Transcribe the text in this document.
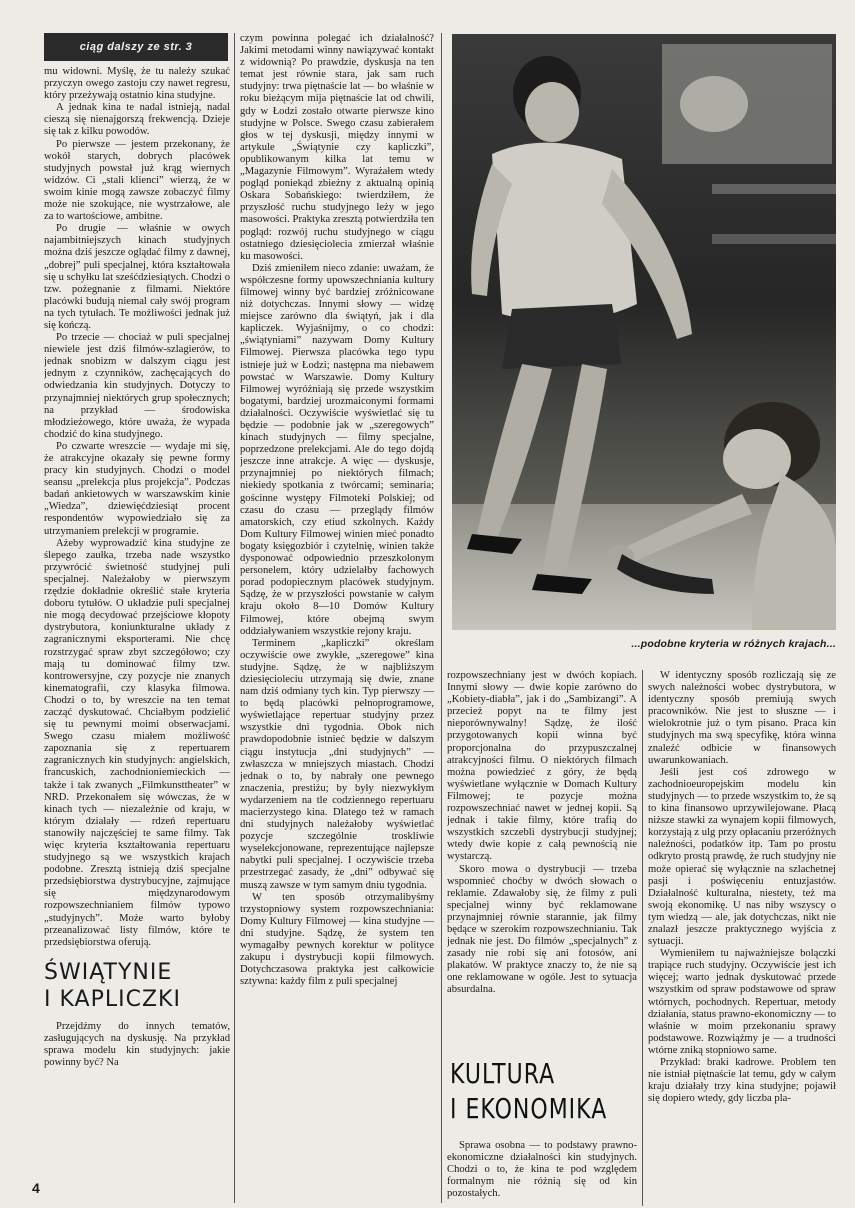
ciąg dalszy ze str. 3

mu widowni. Myślę, że tu należy szukać przyczyn owego zastoju czy nawet regresu, który przeżywają ostatnio kina studyjne.

A jednak kina te nadal istnieją, nadal cieszą się nienajgorszą frekwencją. Dzieje się tak z kilku powodów.

Po pierwsze — jestem przekonany, że wokół starych, dobrych placówek studyjnych powstał już krąg wiernych widzów. Ci „stali klienci” wierzą, że w swoim kinie mogą zawsze zobaczyć filmy może nie szokujące, nie wystrzałowe, ale za to wartościowe, ambitne.

Po drugie — właśnie w owych najambitniejszych kinach studyjnych można dziś jeszcze oglądać filmy z dawnej, „dobrej” puli specjalnej, która kształtowała się u schyłku lat sześćdziesiątych. Chodzi o tzw. pożegnanie z filmami. Niektóre placówki budują niemal cały swój program na tych tytułach. Te możliwości jednak już się kończą.

Po trzecie — chociaż w puli specjalnej niewiele jest dziś filmów-szlagierów, to jednak snobizm w dalszym ciągu jest jednym z czynników, zachęcających do odwiedzania kin studyjnych. Dotyczy to przynajmniej niektórych grup społecznych; na przykład — środowiska młodzieżowego, które uważa, że wypada chodzić do kina studyjnego.

Po czwarte wreszcie — wydaje mi się, że atrakcyjne okazały się pewne formy pracy kin studyjnych. Chodzi o model seansu „prelekcja plus projekcja”. Podczas badań ankietowych w warszawskim kinie „Wiedza”, dziewięćdziesiąt procent respondentów wypowiedziało się za utrzymaniem prelekcji w programie.

Ażeby wyprowadzić kina studyjne ze ślepego zaułka, trzeba nade wszystko przywrócić świetność studyjnej puli specjalnej. Należałoby w pierwszym rzędzie dokładnie określić stałe kryteria doboru tytułów. O układzie puli specjalnej nie mogą decydować przejściowe kłopoty dystrybutora, koniunkturalne układy z zagranicznymi eksporterami. Nie chcę rozstrzygać spraw zbyt szczegółowo; czy mają tu dominować filmy tzw. kontrowersyjne, czy pozycje nie znanych kinematografii, czy klasyka filmowa. Chodzi o to, by wreszcie na ten temat zacząć dyskutować. Chciałbym podzielić się tu pewnymi moimi obserwacjami. Swego czasu miałem możliwość zapoznania się z repertuarem zagranicznych kin studyjnych: angielskich, francuskich, zachodnioniemieckich — także i tak zwanych „Filmkunsttheater” w NRD. Przekonałem się wówczas, że w kinach tych — niezależnie od kraju, w którym działały — rdzeń repertuaru stanowiły najczęściej te same filmy. Tak więc kryteria kształtowania repertuaru studyjnego są we wszystkich krajach podobne. Zresztą istnieją dziś specjalne przedsiębiorstwa dystrybucyjne, zajmujące się międzynarodowym rozpowszechnianiem filmów typowo „studyjnych”. Może warto byłoby przeanalizować listy filmów, które te przedsiębiorstwa oferują.

ŚWIĄTYNIE
I KAPLICZKI

Przejdźmy do innych tematów, zasługujących na dyskusję. Na przykład sprawa modelu kin studyjnych: jakie powinny być? Na

czym powinna polegać ich działalność? Jakimi metodami winny nawiązywać kontakt z widownią? Po prawdzie, dyskusja na ten temat jest równie stara, jak sam ruch studyjny: trwa piętnaście lat — bo właśnie w roku bieżącym mija piętnaście lat od chwili, gdy w Łodzi zostało otwarte pierwsze kino studyjne w Polsce. Swego czasu zabierałem głos w tej dyskusji, między innymi w artykule „Świątynie czy kapliczki”, opublikowanym kilka lat temu w „Magazynie Filmowym”. Wyrażałem wtedy pogląd poniekąd zbieżny z aktualną opinią Oskara Sobańskiego: twierdziłem, że przyszłość ruchu studyjnego leży w jego masowości. Praktyka zresztą potwierdziła ten pogląd: rozwój ruchu studyjnego w ciągu ostatniego dziesięciolecia zmierzał właśnie ku masowości.

Dziś zmieniłem nieco zdanie: uważam, że współczesne formy upowszechniania kultury filmowej winny być bardziej zróżnicowane niż dotychczas. Innymi słowy — widzę miejsce zarówno dla świątyń, jak i dla kapliczek. Wyjaśnijmy, o co chodzi: „świątyniami” nazywam Domy Kultury Filmowej. Pierwsza placówka tego typu istnieje już w Łodzi; następna ma niebawem powstać w Warszawie. Domy Kultury Filmowej wyróżniają się przede wszystkim bogatymi, bardziej urozmaiconymi formami działalności. Oczywiście wyświetlać się tu będzie — podobnie jak w „szeregowych” kinach studyjnych — filmy specjalne, poprzedzone prelekcjami. Ale do tego dojdą jeszcze inne atrakcje. A więc — dyskusje, przynajmniej po niektórych filmach; niekiedy spotkania z twórcami; seminaria; gościnne występy Filmoteki Polskiej; od czasu do czasu — przeglądy filmów amatorskich, czy etiud szkolnych. Każdy Dom Kultury Filmowej winien mieć ponadto bogaty księgozbiór i czytelnię, winien także dysponować odpowiednio przeszkolonym personelem, który udzielałby fachowych porad podopiecznym placówek studyjnym. Sądzę, że w przyszłości powstanie w całym kraju około 8—10 Domów Kultury Filmowej, które obejmą swym oddziaływaniem wszystkie rejony kraju.

Terminem „kapliczki” określam oczywiście owe zwykłe, „szeregowe” kina studyjne. Sądzę, że w najbliższym dziesięcioleciu utrzymają się dwie, znane nam dziś odmiany tych kin. Typ pierwszy — to będą placówki pełnoprogramowe, wyświetlające repertuar studyjny przez wszystkie dni tygodnia. Obok nich prawdopodobnie istnieć będzie w dalszym ciągu instytucja „dni studyjnych” — zwłaszcza w mniejszych miastach. Chodzi jednak o to, by nabrały one pewnego znaczenia, prestiżu; by były niezwykłym wydarzeniem na tle codziennego repertuaru macierzystego kina. Dlatego też w ramach dni studyjnych należałoby wyświetlać pozycje szczególnie troskliwie wyselekcjonowane, reprezentujące najlepsze nabytki puli specjalnej. I oczywiście trzeba przestrzegać zasady, że „dni” odbywać się muszą zawsze w tym samym dniu tygodnia.

W ten sposób otrzymalibyśmy trzystopniowy system rozpowszechniania: Domy Kultury Filmowej — kina studyjne — dni studyjne. Sądzę, że system ten wymagałby pewnych korektur w polityce zakupu i dystrybucji kopii filmowych. Dotychczasowa praktyka jest całkowicie sztywna: każdy film z puli specjalnej

...podobne kryteria w różnych krajach...

rozpowszechniany jest w dwóch kopiach. Innymi słowy — dwie kopie zarówno do „Kobiety-diabła”, jak i do „Sambizangi”. A przecież popyt na te filmy jest nieporównywalny! Sądzę, że ilość przygotowanych kopii winna być proporcjonalna do przypuszczalnej atrakcyjności filmu. O niektórych filmach można powiedzieć z góry, że będą wyświetlane wyłącznie w Domach Kultury Filmowej; te pozycje można rozpowszechniać nawet w jednej kopii. Są jednak i takie filmy, które trafią do wszystkich szczebli dystrybucji studyjnej; wtedy dwie kopie z całą pewnością nie wystarczą.

Skoro mowa o dystrybucji — trzeba wspomnieć choćby w dwóch słowach o reklamie. Zdawałoby się, że filmy z puli specjalnej winny być reklamowane przynajmniej równie starannie, jak filmy będące w szerokim rozpowszechnianiu. Tak jednak nie jest. Do filmów „specjalnych” z zasady nie robi się ani fotosów, ani plakatów. W praktyce znaczy to, że nie są one reklamowane w ogóle. Jest to sytuacja absurdalna.

KULTURA
I EKONOMIKA

Sprawa osobna — to podstawy prawno-ekonomiczne działalności kin studyjnych. Chodzi o to, że kina te pod względem formalnym nie różnią się od kin pozostałych.

W identyczny sposób rozliczają się ze swych należności wobec dystrybutora, w identyczny sposób premiują swych pracowników. Nie jest to słuszne — i wielokrotnie już o tym pisano. Praca kin studyjnych ma swą specyfikę, która winna znaleźć odbicie w finansowych uwarunkowaniach.

Jeśli jest coś zdrowego w zachodnioeuropejskim modelu kin studyjnych — to przede wszystkim to, że są to kina finansowo uprzywilejowane. Płacą niższe stawki za wynajem kopii filmowych, korzystają z ulg przy opłacaniu przeróżnych należności, podatków itp. Tam po prostu odkryto prostą prawdę, że ruch studyjny nie może opierać się wyłącznie na szlachetnej pasji i poświęceniu entuzjastów. Działalność kulturalna, niestety, też ma swoją ekonomikę. U nas niby wszyscy o tym wiedzą — ale, jak dotychczas, nikt nie znalazł jeszcze praktycznego wyjścia z sytuacji.

Wymieniłem tu najważniejsze bolączki trapiące ruch studyjny. Oczywiście jest ich więcej; warto jednak dyskutować przede wszystkim od spraw podstawowe od spraw wtórnych, pochodnych. Repertuar, metody działania, status prawno-ekonomiczny — to właśnie w moim przekonaniu sprawy podstawowe. Rozwiążmy je — a trudności wtórne zniką stopniowo same.

Przykład: braki kadrowe. Problem ten nie istniał piętnaście lat temu, gdy w całym kraju działały trzy kina studyjne; pojawił się dopiero wtedy, gdy liczba pla-

4
